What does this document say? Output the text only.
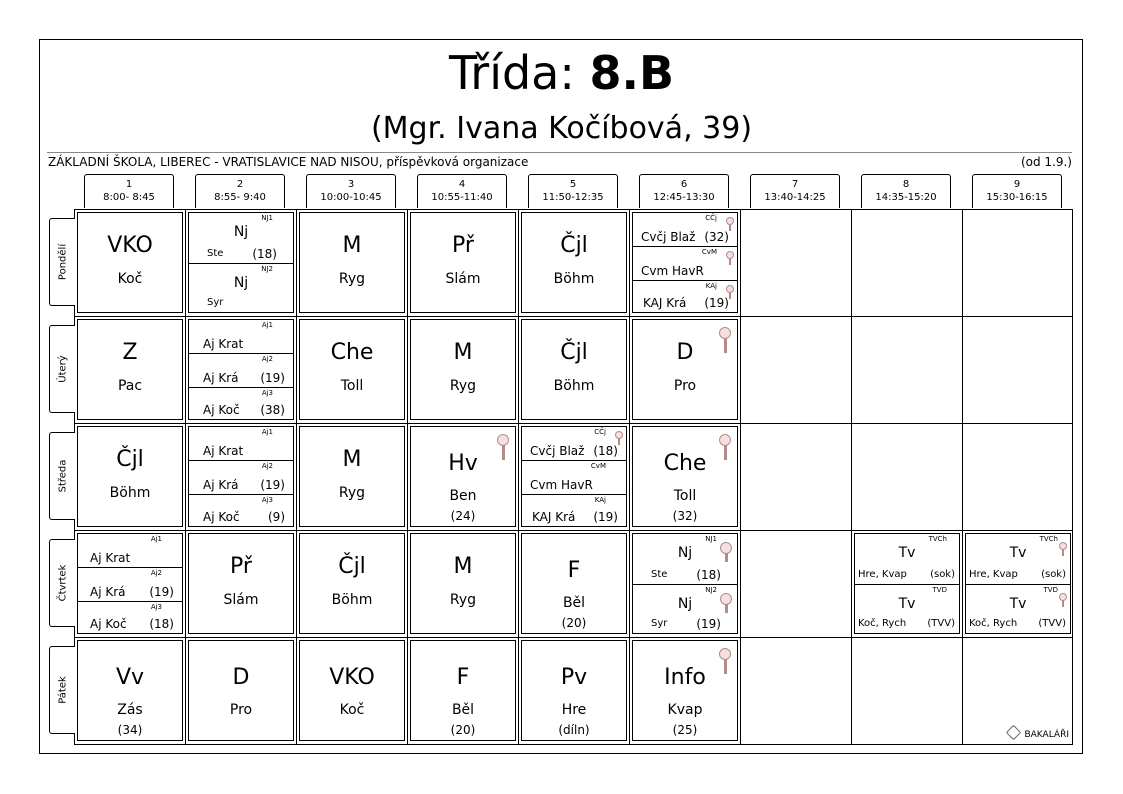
Třída: 8.B
(Mgr. Ivana Kočíbová, 39)
ZÁKLADNÍ ŠKOLA, LIBEREC - VRATISLAVICE NAD NISOU, příspěvková organizace	(od 1.9.)
1
8:00- 8:45
2
8:55- 9:40
3
10:00-10:45
4
10:55-11:40
5
11:50-12:35
6
12:45-13:30
7
13:40-14:25
8
14:35-15:20
9
15:30-16:15
Pondělí
Úterý
Středa
Čtvrtek
Pátek
VKO
Koč
NJ1
Nj
Ste (18)
NJ2
Nj
Syr
M
Ryg
Př
Slám
Čjl
Böhm
CČj
Cvčj Blaž (32)
CvM
Cvm HavR
KAj
KAJ Krá (19)
Z
Pac
Aj1
Aj Krat
Aj2
Aj Krá (19)
Aj3
Aj Koč (38)
Che
Toll
M
Ryg
Čjl
Böhm
D
Pro
Čjl
Böhm
Aj1
Aj Krat
Aj2
Aj Krá (19)
Aj3
Aj Koč (9)
M
Ryg
Hv
Ben
(24)
CČj
Cvčj Blaž (18)
CvM
Cvm HavR
KAj
KAJ Krá (19)
Che
Toll
(32)
Aj1
Aj Krat
Aj2
Aj Krá (19)
Aj3
Aj Koč (18)
Př
Slám
Čjl
Böhm
M
Ryg
F
Běl
(20)
NJ1
Nj
Ste (18)
NJ2
Nj
Syr (19)
TVCh
Tv
Hre, Kvap (sok)
TVD
Tv
Koč, Rych (TVV)
TVCh
Tv
Hre, Kvap (sok)
TVD
Tv
Koč, Rych (TVV)
Vv
Zás
(34)
D
Pro
VKO
Koč
F
Běl
(20)
Pv
Hre
(díln)
Info
Kvap
(25)	BAKALÁŘI
